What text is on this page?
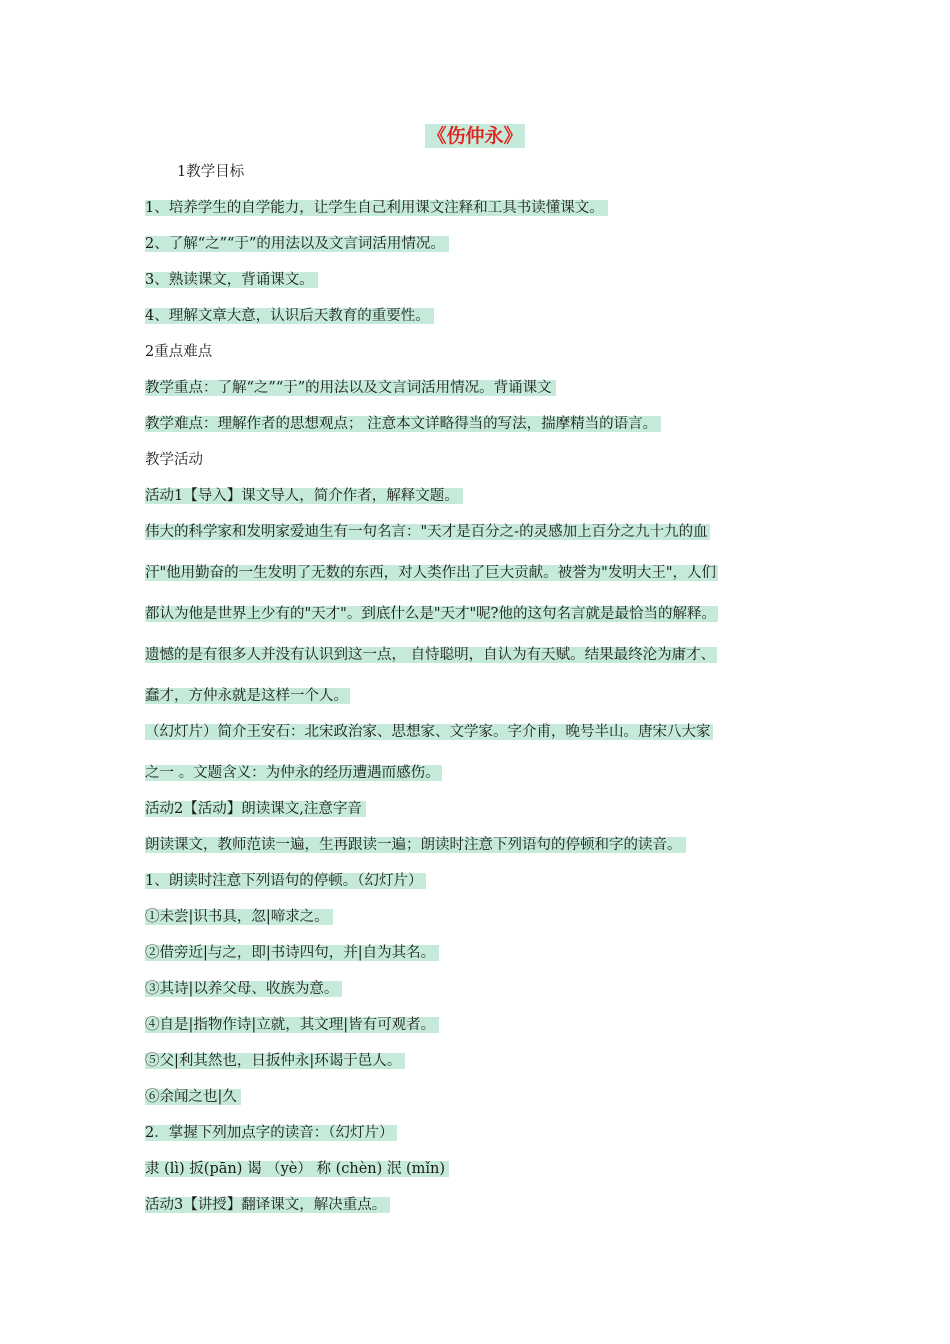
《伤仲永》
1教学目标
1、培养学生的自学能力，让学生自己利用课文注释和工具书读懂课文。
2、了解“之”“于”的用法以及文言词活用情况。
3、熟读课文，背诵课文。
4、理解文章大意，认识后天教育的重要性。
2重点难点
教学重点：了解“之”“于”的用法以及文言词活用情况。背诵课文
教学难点：理解作者的思想观点； 注意本文详略得当的写法，揣摩精当的语言。
教学活动
活动1【导入】课文导人，简介作者，解释文题。
伟大的科学家和发明家爱迪生有一句名言："天才是百分之-的灵感加上百分之九十九的血
汗"他用勤奋的一生发明了无数的东西，对人类作出了巨大贡献。被誉为"发明大王"，人们
都认为他是世界上少有的"天才"。到底什么是"天才"呢?他的这句名言就是最恰当的解释。
遗憾的是有很多人并没有认识到这一点， 自恃聪明，自认为有天赋。结果最终沦为庸才、
蠢才，方仲永就是这样一个人。
（幻灯片）简介王安石：北宋政治家、思想家、文学家。字介甫，晚号半山。唐宋八大家
之一 。文题含义：为仲永的经历遭遇而感伤。
活动2【活动】朗读课文,注意字音
朗读课文，教师范读一遍，生再跟读一遍；朗读时注意下列语句的停顿和字的读音。
1、朗读时注意下列语句的停顿。（幻灯片）
①未尝|识书具，忽|啼求之。
②借旁近|与之，即|书诗四句，并|自为其名。
③其诗|以养父母、收族为意。
④自是|指物作诗|立就，其文理|皆有可观者。
⑤父|利其然也，日扳仲永|环谒于邑人。
⑥余闻之也|久
2．掌握下列加点字的读音：（幻灯片）
隶 (lì) 扳(pān) 谒 （yè） 称 (chèn) 泯 (mǐn)
活动3【讲授】翻译课文，解决重点。
